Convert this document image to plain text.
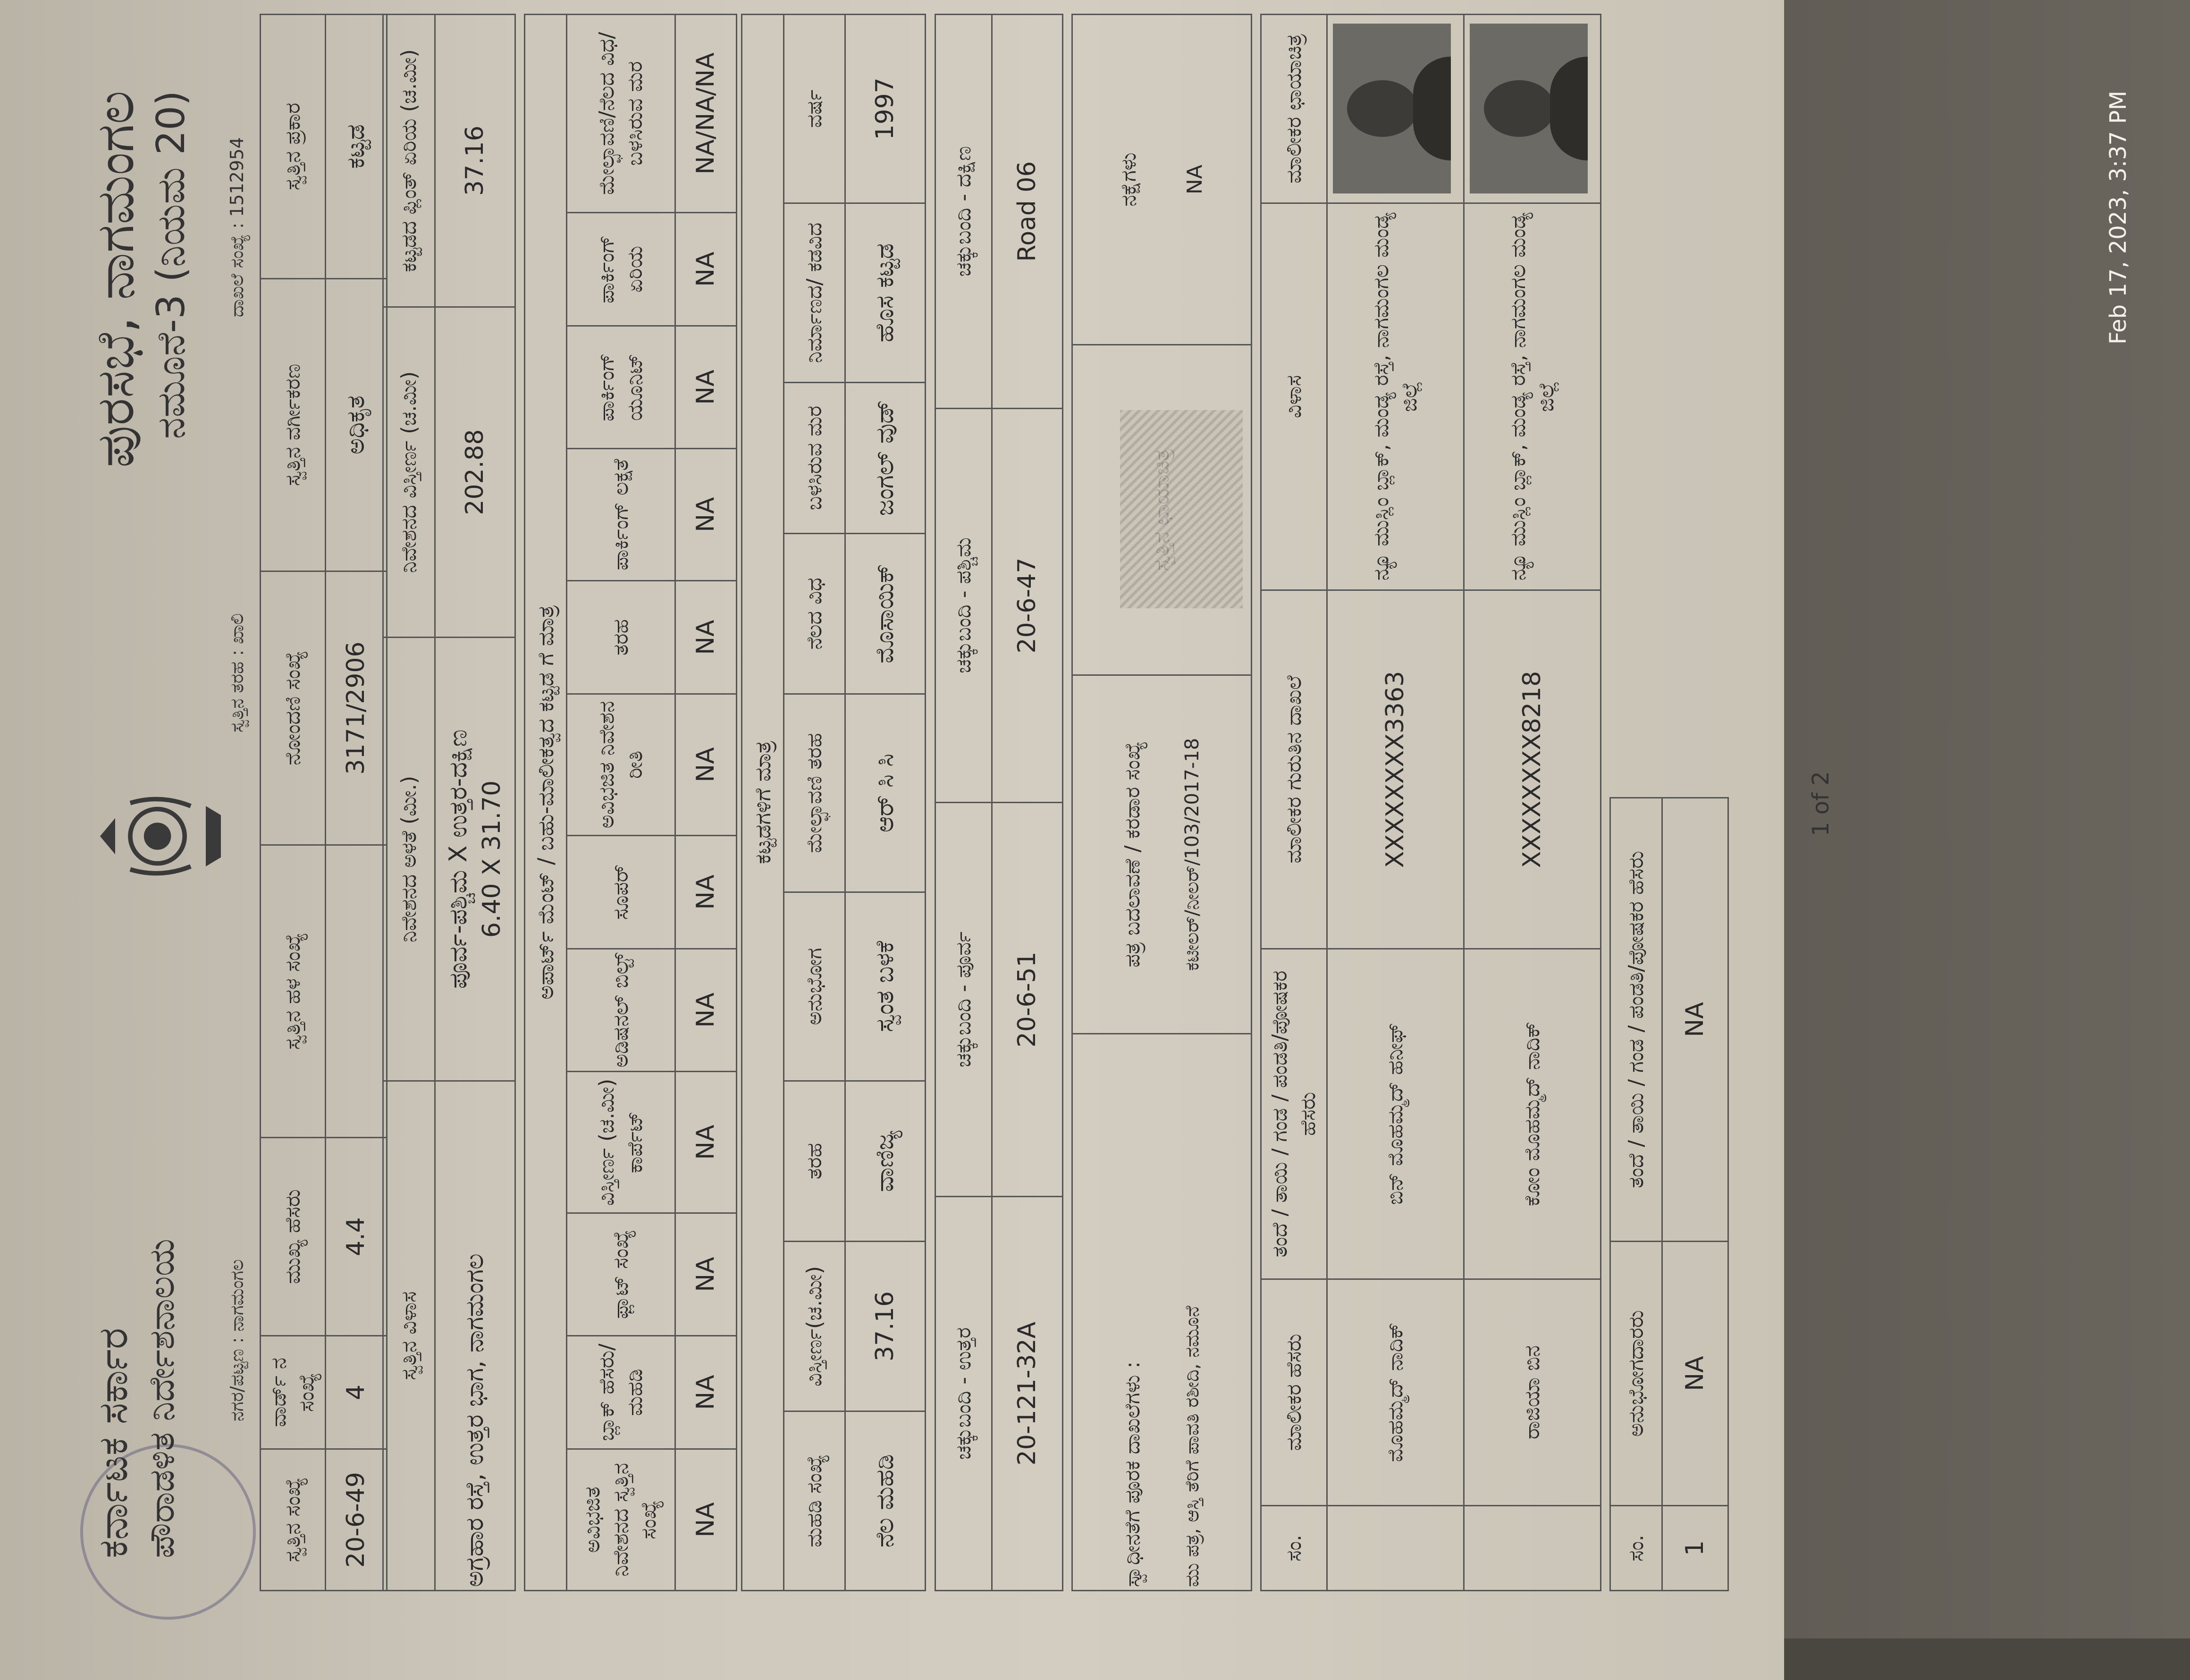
Feb 17, 2023, 3:37 PM
ಕರ್ನಾಟಕ ಸರ್ಕಾರ ಪೌರಾಡಳಿತ ನಿರ್ದೇಶನಾಲಯ
ಪುರಸಭೆ, ನಾಗಮಂಗಲ ನಮೂನೆ-3 (ನಿಯಮ 20)
ನಗರ/ಪಟ್ಟಣ : ನಾಗಮಂಗಲ
ಸ್ವತ್ತಿನ ತರಹ : ಖಾಲಿ
ದಾಖಲೆ ಸಂಖ್ಯೆ : 1512954
ಸ್ವತ್ತಿನ ಸಂಖ್ಯೆ	ವಾರ್ಡ್ ನ ಸಂಖ್ಯೆ	ಮುಖ್ಯ ಹೆಸರು	ಸ್ವತ್ತಿನ ಹಳ ಸಂಖ್ಯೆ	ನೋಂದಣಿ ಸಂಖ್ಯೆ	ಸ್ವತ್ತಿನ ವರ್ಗೀಕರಣ	ಸ್ವತ್ತಿನ ಪ್ರಕಾರ
20-6-49	4	4.4		3171/2906	ಅಧಿಕೃತ	ಕಟ್ಟಡ
ಸ್ವತ್ತಿನ ವಿಳಾಸ	ನಿವೇಶನದ ಅಳತೆ (ಮೀ.)	ನಿವೇಶನದ ವಿಸ್ತೀರ್ಣ (ಚ.ಮೀ)	ಕಟ್ಟಡದ ಪ್ಲಿಂತ್ ಏರಿಯ (ಚ.ಮೀ)
ಅಗ್ರಹಾರ ರಸ್ತೆ, ಉತ್ತರ ಭಾಗ, ನಾಗಮಂಗಲ	ಪೂರ್ವ-ಪಶ್ಚಿಮ X ಉತ್ತರ-ದಕ್ಷಿಣ 6.40 X 31.70	202.88	37.16
ಅಪಾರ್ಟ್ ಮೆಂಟ್ / ಬಹು-ಮಾಲೀಕತ್ವದ ಕಟ್ಟಡ ಗೆ ಮಾತ್ರ											
ಅವಿಭಜಿತ ನಿವೇಶನದ ಸ್ವತ್ತಿನ ಸಂಖ್ಯೆ	ಬ್ಲಾಕ್ ಹೆಸರು/ ಮಹಡಿ	ಫ್ಲಾಟ್ ಸಂಖ್ಯೆ	ವಿಸ್ತೀರ್ಣ (ಚ.ಮೀ) ಕಾರ್ಪೆಟ್	ಅಡಿಷನಲ್ ಬಿಲ್ಟ್	ಸೂಪರ್	ಅವಿಭಜಿತ ನಿವೇಶನ ರೀತಿ	ತರಹ	ಪಾರ್ಕಿಂಗ್ ಲಕ್ಷತೆ	ಪಾರ್ಕಿಂಗ್ ಯೂನಿಟ್	ಪಾರ್ಕಿಂಗ್ ಏರಿಯ	ಮೇಲ್ಛಾವಣಿ/ನೆಲದ ವಿಧ/ಬಳಸಿರುವ ಮರ
NA	NA	NA	NA	NA	NA	NA	NA	NA	NA	NA	NA/NA/NA
ಕಟ್ಟಡಗಳಿಗೆ ಮಾತ್ರ								
ಮಹಡಿ ಸಂಖ್ಯೆ	ವಿಸ್ತೀರ್ಣ(ಚ.ಮೀ)	ತರಹ	ಅನುಭೋಗ	ಮೇಲ್ಛಾವಣಿ ತರಹ	ನೆಲದ ವಿಧ	ಬಳಸಿರುವ ಮರ	ನಿರ್ಮಾಣದ/ ಕಡವಿದ	ವರ್ಷ
ನೆಲ ಮಹಡಿ	37.16	ವಾಣಿಜ್ಯ	ಸ್ವಂತ ಬಳಕೆ	ಆರ್ ಸಿ ಸಿ	ಮೊಸಾಯಿಕ್	ಜಂಗಲ್ ವುಡ್	ಹೊಸ ಕಟ್ಟಡ	1997
ಚಕ್ಕುಬಂದಿ - ಉತ್ತರ	ಚಕ್ಕುಬಂದಿ - ಪೂರ್ವ	ಚಕ್ಕುಬಂದಿ - ಪಶ್ಚಿಮ	ಚಕ್ಕುಬಂದಿ - ದಕ್ಷಿಣ
20-121-32A	20-6-51	20-6-47	Road 06
ಸ್ವಾಧೀನತೆಗೆ ಪೂರಕ ದಾಖಲೆಗಳು : ಮು ಪತ್ರ, ಆಸ್ತಿ ತೆರಿಗೆ ಪಾವತಿ ರಶೀದಿ, ನಮೂನೆ

ಪತ್ರ ಬದಲಾವಣೆ / ಕರಡಾರ ಸಂಖ್ಯೆ ಕಟೀಲರ್/ನೀಲರ್/103/2017-18

ನಕ್ಷೆಗಳು NA
ಸಂ.	ಮಾಲೀಕರ ಹೆಸರು	ತಂದೆ / ತಾಯಿ / ಗಂಡ / ಪಂಡತಿ/ಪೋಷಕರ ಹೆಸರು	ಮಾಲೀಕರ ಗುರುತಿನ ದಾಖಲೆ	ವಿಳಾಸ	ಮಾಲೀಕರ ಛಾಯಾಚಿತ್ರ
	ಮೊಹಮ್ಮದ್ ನಾದಿಕ್	ಬಿನ್ ಮೊಹಮ್ಮದ್ ಹನೀಫ್	XXXXXXXX3363	ನ್ಯೂ ಮುಸ್ಲಿಂ ಬ್ಲಾಕ್, ಮಂಡ್ಯ ರಸ್ತೆ, ನಾಗಮಂಗಲ ಮಂಡ್ಯ ಜಿಲ್ಲೆ	

	ರಾಜಿಯಾ ಬಿನ	ಕೋಂ ಮೊಹಮ್ಮದ್ ನಾದಿಕ್	XXXXXXXX8218	ನ್ಯೂ ಮುಸ್ಲಿಂ ಬ್ಲಾಕ್, ಮಂಡ್ಯ ರಸ್ತೆ, ನಾಗಮಂಗಲ ಮಂಡ್ಯ ಜಿಲ್ಲೆ	
ಸಂ.	ಅನುಭೋಗದಾರರು	ತಂದೆ / ತಾಯಿ / ಗಂಡ / ಪಂಡತಿ/ಪೋಷಕರ ಹೆಸರು
1	NA	NA
1 of 2
